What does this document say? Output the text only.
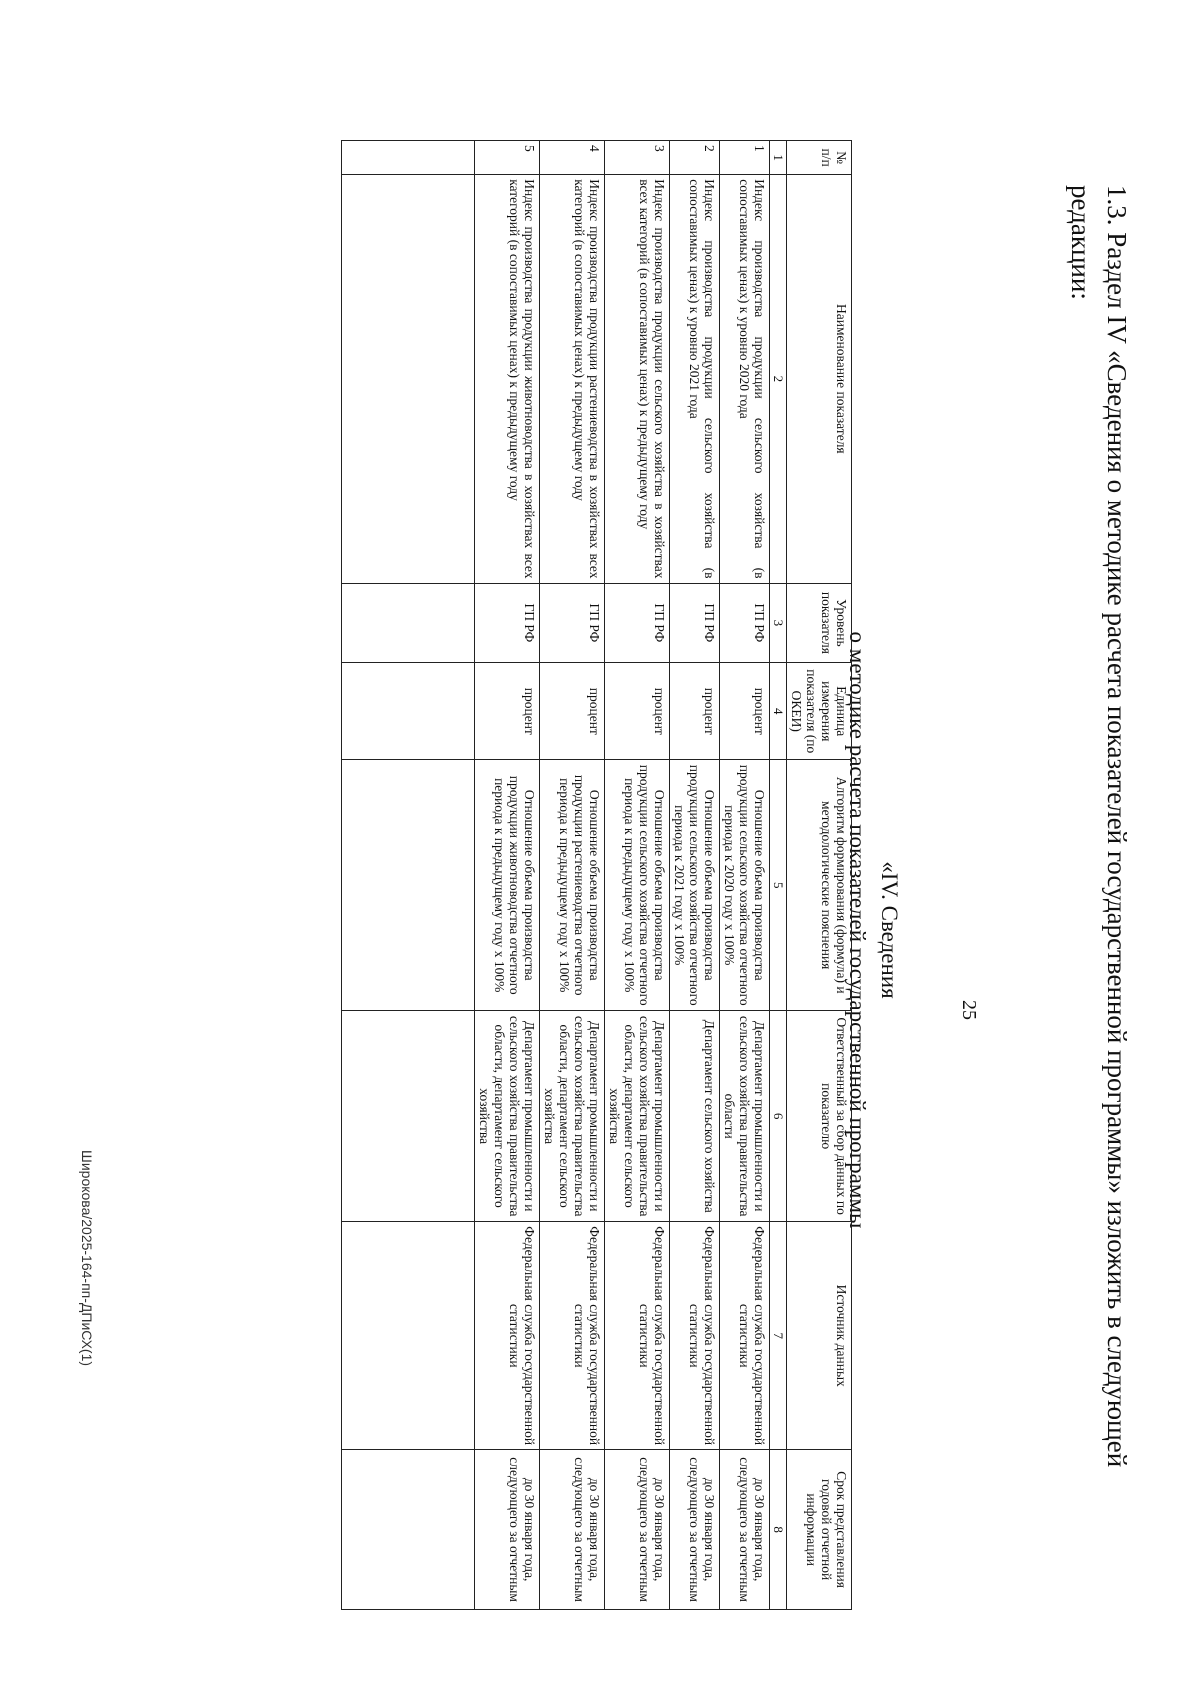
1.3. Раздел IV «Сведения о методике расчета показателей государственной программы» изложить в следующей редакции:
25
«IV. Сведения
о методике расчета показателей государственной программы
№ п/п	Наименование показателя	Уровень показателя	Единица измерения показателя (по ОКЕИ)	Алгоритм формирования (формула) и методологические пояснения	Ответственный за сбор данных по показателю	Источник данных	Срок представления годовой отчетной информации
1	2	3	4	5	6	7	8
1	Индекс производства продукции сельского хозяйства (в сопоставимых ценах) к уровню 2020 года	ГП РФ	процент	Отношение объема производства продукции сельского хозяйства отчетного периода к 2020 году х 100%	Департамент промышленности и сельского хозяйства правительства области	Федеральная служба государственной статистики	до 30 января года, следующего за отчетным
2	Индекс производства продукции сельского хозяйства (в сопоставимых ценах) к уровню 2021 года	ГП РФ	процент	Отношение объема производства продукции сельского хозяйства отчетного периода к 2021 году х 100%	Департамент сельского хозяйства	Федеральная служба государственной статистики	до 30 января года, следующего за отчетным
3	Индекс производства продукции сельского хозяйства в хозяйствах всех категорий (в сопоставимых ценах) к предыдущему году	ГП РФ	процент	Отношение объема производства продукции сельского хозяйства отчетного периода к предыдущему году х 100%	Департамент промышленности и сельского хозяйства правительства области, департамент сельского хозяйства	Федеральная служба государственной статистики	до 30 января года, следующего за отчетным
4	Индекс производства продукции растениеводства в хозяйствах всех категорий (в сопоставимых ценах) к предыдущему году	ГП РФ	процент	Отношение объема производства продукции растениеводства отчетного периода к предыдущему году х 100%	Департамент промышленности и сельского хозяйства правительства области, департамент сельского хозяйства	Федеральная служба государственной статистики	до 30 января года, следующего за отчетным
5	Индекс производства продукции животноводства в хозяйствах всех категорий (в сопоставимых ценах) к предыдущему году	ГП РФ	процент	Отношение объема производства продукции животноводства отчетного периода к предыдущему году х 100%	Департамент промышленности и сельского хозяйства правительства области, департамент сельского хозяйства	Федеральная служба государственной статистики	до 30 января года, следующего за отчетным

Широкова/2025-164-пп-ДПиСХ(1)
